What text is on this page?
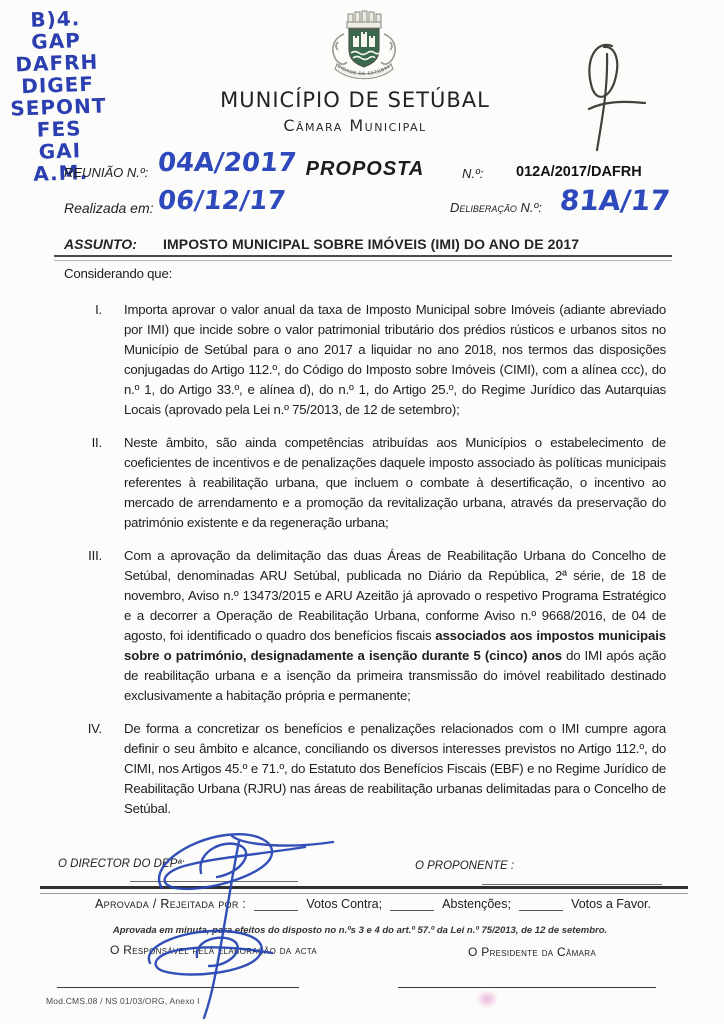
B)4.
GAP
DAFRH
DIGEF
SEPONT
FES
GAI
A.M.
CIDADE DE SETÚBAL
MUNICÍPIO DE SETÚBAL
Câmara Municipal
REUNIÃO N.º: 04A/2017 PROPOSTA	N.º: 012A/2017/DAFRH
Realizada em: 06/12/17	Deliberação N.º: 81A/17
ASSUNTO: IMPOSTO MUNICIPAL SOBRE IMÓVEIS (IMI) DO ANO DE 2017

Considerando que:

I.	Importa aprovar o valor anual da taxa de Imposto Municipal sobre Imóveis (adiante abreviado por IMI) que incide sobre o valor patrimonial tributário dos prédios rústicos e urbanos sitos no Município de Setúbal para o ano 2017 a liquidar no ano 2018, nos termos das disposições conjugadas do Artigo 112.º, do Código do Imposto sobre Imóveis (CIMI), com a alínea ccc), do n.º 1, do Artigo 33.º, e alínea d), do n.º 1, do Artigo 25.º, do Regime Jurídico das Autarquias Locais (aprovado pela Lei n.º 75/2013, de 12 de setembro);
II.	Neste âmbito, são ainda competências atribuídas aos Municípios o estabelecimento de coeficientes de incentivos e de penalizações daquele imposto associado às políticas municipais referentes à reabilitação urbana, que incluem o combate à desertificação, o incentivo ao mercado de arrendamento e a promoção da revitalização urbana, através da preservação do património existente e da regeneração urbana;
III.	Com a aprovação da delimitação das duas Áreas de Reabilitação Urbana do Concelho de Setúbal, denominadas ARU Setúbal, publicada no Diário da República, 2ª série, de 18 de novembro, Aviso n.º 13473/2015 e ARU Azeitão já aprovado o respetivo Programa Estratégico e a decorrer a Operação de Reabilitação Urbana, conforme Aviso n.º 9668/2016, de 04 de agosto, foi identificado o quadro dos benefícios fiscais associados aos impostos municipais sobre o património, designadamente a isenção durante 5 (cinco) anos do IMI após ação de reabilitação urbana e a isenção da primeira transmissão do imóvel reabilitado destinado exclusivamente a habitação própria e permanente;
IV.	De forma a concretizar os benefícios e penalizações relacionados com o IMI cumpre agora definir o seu âmbito e alcance, conciliando os diversos interesses previstos no Artigo 112.º, do CIMI, nos Artigos 45.º e 71.º, do Estatuto dos Benefícios Fiscais (EBF) e no Regime Jurídico de Reabilitação Urbana (RJRU) nas áreas de reabilitação urbanas delimitadas para o Concelho de Setúbal.
O DIRECTOR DO DEPª:	O PROPONENTE :
Aprovada / Rejeitada por :	Votos Contra;	Abstenções;	Votos a Favor.
Aprovada em minuta, para efeitos do disposto no n.ºs 3 e 4 do art.º 57.º da Lei n.º 75/2013, de 12 de setembro.
O Responsável pela elaboração da acta	O Presidente da Câmara
Mod.CMS.08 / NS 01/03/ORG, Anexo I
